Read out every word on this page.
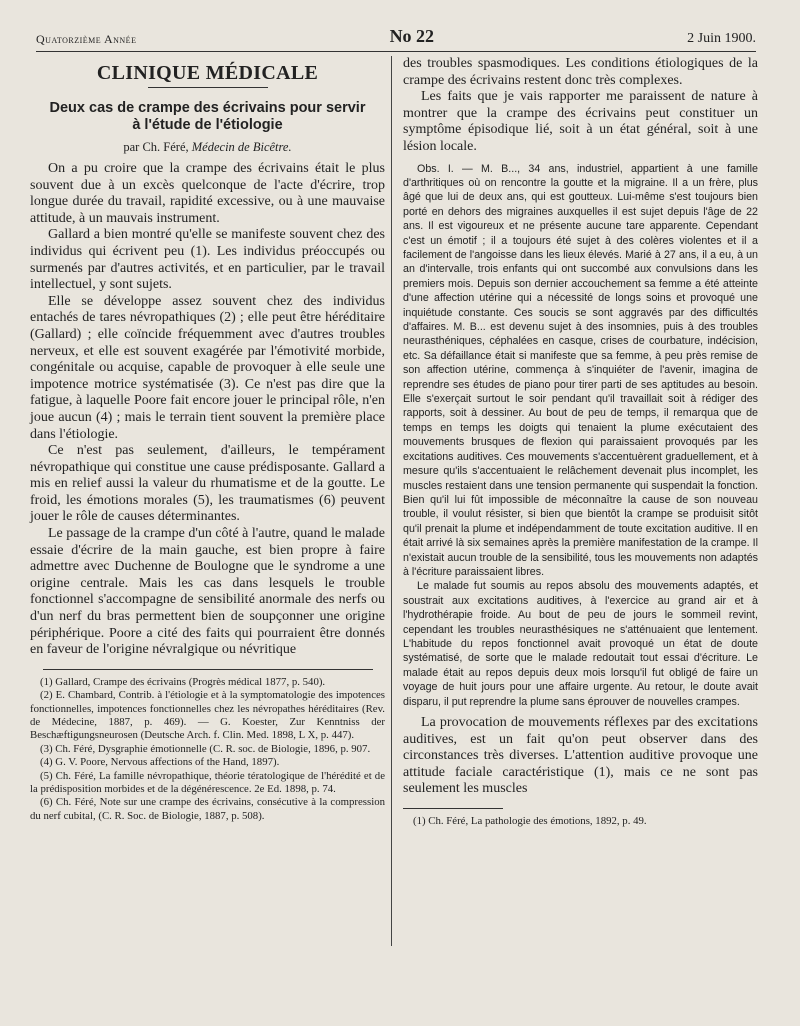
Quatorzième Année	No 22	2 Juin 1900.
CLINIQUE MÉDICALE
Deux cas de crampe des écrivains pour servir
à l'étude de l'étiologie
par Ch. Féré, Médecin de Bicêtre.

On a pu croire que la crampe des écrivains était le plus souvent due à un excès quelconque de l'acte d'écrire, trop longue durée du travail, rapidité excessive, ou à une mauvaise attitude, à un mauvais instrument.

Gallard a bien montré qu'elle se manifeste souvent chez des individus qui écrivent peu (1). Les individus préoccupés ou surmenés par d'autres activités, et en particulier, par le travail intellectuel, y sont sujets.

Elle se développe assez souvent chez des individus entachés de tares névropathiques (2) ; elle peut être héréditaire (Gallard) ; elle coïncide fréquemment avec d'autres troubles nerveux, et elle est souvent exagérée par l'émotivité morbide, congénitale ou acquise, capable de provoquer à elle seule une impotence motrice systématisée (3). Ce n'est pas dire que la fatigue, à laquelle Poore fait encore jouer le principal rôle, n'en joue aucun (4) ; mais le terrain tient souvent la première place dans l'étiologie.

Ce n'est pas seulement, d'ailleurs, le tempérament névropathique qui constitue une cause prédisposante. Gallard a mis en relief aussi la valeur du rhumatisme et de la goutte. Le froid, les émotions morales (5), les traumatismes (6) peuvent jouer le rôle de causes déterminantes.

Le passage de la crampe d'un côté à l'autre, quand le malade essaie d'écrire de la main gauche, est bien propre à faire admettre avec Duchenne de Boulogne que le syndrome a une origine centrale. Mais les cas dans lesquels le trouble fonctionnel s'accompagne de sensibilité anormale des nerfs ou d'un nerf du bras permettent bien de soupçonner une origine périphérique. Poore a cité des faits qui pourraient être donnés en faveur de l'origine névralgique ou névritique

(1) Gallard, Crampe des écrivains (Progrès médical 1877, p. 540).

(2) E. Chambard, Contrib. à l'étiologie et à la symptomatologie des impotences fonctionnelles, impotences fonctionnelles chez les névropathes héréditaires (Rev. de Médecine, 1887, p. 469). — G. Koester, Zur Kenntniss der Beschæftigungsneurosen (Deutsche Arch. f. Clin. Med. 1898, L X, p. 447).

(3) Ch. Féré, Dysgraphie émotionnelle (C. R. soc. de Biologie, 1896, p. 907.

(4) G. V. Poore, Nervous affections of the Hand, 1897).

(5) Ch. Féré, La famille névropathique, théorie tératologique de l'hérédité et de la prédisposition morbides et de la dégénérescence. 2e Ed. 1898, p. 74.

(6) Ch. Féré, Note sur une crampe des écrivains, consécutive à la compression du nerf cubital, (C. R. Soc. de Biologie, 1887, p. 508).

des troubles spasmodiques. Les conditions étiologiques de la crampe des écrivains restent donc très complexes.

Les faits que je vais rapporter me paraissent de nature à montrer que la crampe des écrivains peut constituer un symptôme épisodique lié, soit à un état général, soit à une lésion locale.

Obs. I. — M. B..., 34 ans, industriel, appartient à une famille d'arthritiques où on rencontre la goutte et la migraine. Il a un frère, plus âgé que lui de deux ans, qui est goutteux. Lui-même s'est toujours bien porté en dehors des migraines auxquelles il est sujet depuis l'âge de 22 ans. Il est vigoureux et ne présente aucune tare apparente. Cependant c'est un émotif ; il a toujours été sujet à des colères violentes et il a facilement de l'angoisse dans les lieux élevés. Marié à 27 ans, il a eu, à un an d'intervalle, trois enfants qui ont succombé aux convulsions dans les premiers mois. Depuis son dernier accouchement sa femme a été atteinte d'une affection utérine qui a nécessité de longs soins et provoqué une inquiétude constante. Ces soucis se sont aggravés par des difficultés d'affaires. M. B... est devenu sujet à des insomnies, puis à des troubles neurasthéniques, céphalées en casque, crises de courbature, indécision, etc. Sa défaillance était si manifeste que sa femme, à peu près remise de son affection utérine, commença à s'inquiéter de l'avenir, imagina de reprendre ses études de piano pour tirer parti de ses aptitudes au besoin. Elle s'exerçait surtout le soir pendant qu'il travaillait soit à rédiger des rapports, soit à dessiner. Au bout de peu de temps, il remarqua que de temps en temps les doigts qui tenaient la plume exécutaient des mouvements brusques de flexion qui paraissaient provoqués par les excitations auditives. Ces mouvements s'accentuèrent graduellement, et à mesure qu'ils s'accentuaient le relâchement devenait plus incomplet, les muscles restaient dans une tension permanente qui suspendait la fonction. Bien qu'il lui fût impossible de méconnaître la cause de son nouveau trouble, il voulut résister, si bien que bientôt la crampe se produisit sitôt qu'il prenait la plume et indépendamment de toute excitation auditive. Il en était arrivé là six semaines après la première manifestation de la crampe. Il n'existait aucun trouble de la sensibilité, tous les mouvements non adaptés à l'écriture paraissaient libres.

Le malade fut soumis au repos absolu des mouvements adaptés, et soustrait aux excitations auditives, à l'exercice au grand air et à l'hydrothérapie froide. Au bout de peu de jours le sommeil revint, cependant les troubles neurasthésiques ne s'atténuaient que lentement. L'habitude du repos fonctionnel avait provoqué un état de doute systématisé, de sorte que le malade redoutait tout essai d'écriture. Le malade était au repos depuis deux mois lorsqu'il fut obligé de faire un voyage de huit jours pour une affaire urgente. Au retour, le doute avait disparu, il put reprendre la plume sans éprouver de nouvelles crampes.

La provocation de mouvements réflexes par des excitations auditives, est un fait qu'on peut observer dans des circonstances très diverses. L'attention auditive provoque une attitude faciale caractéristique (1), mais ce ne sont pas seulement les muscles

(1) Ch. Féré, La pathologie des émotions, 1892, p. 49.
